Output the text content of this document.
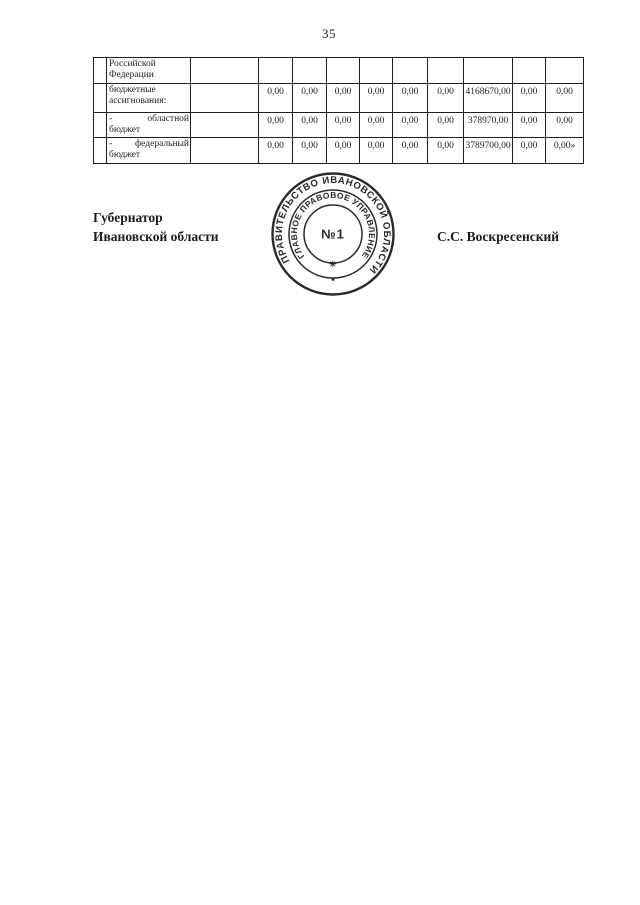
35
	Российской Федерации										
	бюджетные ассигнования:		0,00	0,00	0,00	0,00	0,00	0,00	4168670,00	0,00	0,00
	- областной бюджет		0,00	0,00	0,00	0,00	0,00	0,00	378970,00	0,00	0,00
	- федеральный бюджет		0,00	0,00	0,00	0,00	0,00	0,00	3789700,00	0,00	0,00»
ПРАВИТЕЛЬСТВО ИВАНОВСКОЙ ОБЛАСТИ
ГЛАВНОЕ ПРАВОВОЕ УПРАВЛЕНИЕ
№1
✳
Губернатор
Ивановской области	С.С. Воскресенский
